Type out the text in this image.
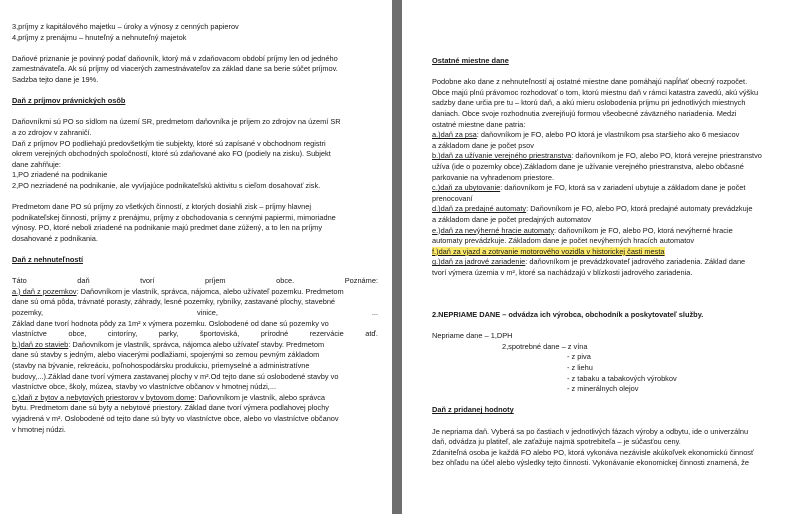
3,príjmy z kapitálového majetku – úroky a výnosy z cenných papierov

4,príjmy z prenájmu – hnuteľný a nehnuteľný majetok

Daňové priznanie je povinný podať daňovník, ktorý má v zdaňovacom období príjmy len od jedného

zamestnávateľa. Ak sú príjmy od viacerých zamestnávateľov za základ dane sa berie súčet príjmov.

Sadzba tejto dane je 19%.

Daň z príjmov právnických osôb

Daňovníkmi sú PO so sídlom na území SR, predmetom daňovníka je príjem zo zdrojov na území SR

a zo zdrojov v zahraničí.

Daň z príjmov PO podliehajú predovšetkým tie subjekty, ktoré sú zapísané v obchodnom registri

okrem verejných obchodných spoločností, ktoré sú zdaňované ako FO (podiely na zisku). Subjekt

dane zahŕňuje:

1,PO zriadené na podnikanie

2,PO nezriadené na podnikanie, ale vyvíjajúce podnikateľskú aktivitu s cieľom dosahovať zisk.

Predmetom dane PO sú príjmy zo všetkých činností, z ktorých dosiahli zisk – príjmy hlavnej

podnikateľskej činnosti, príjmy z prenájmu, príjmy z obchodovania s cennými papiermi, mimoriadne

výnosy. PO, ktoré neboli zriadené na podnikanie majú predmet dane zúžený, a to len na príjmy

dosahované z podnikania.

Daň z nehnuteľností

Táto daň tvorí príjem obce. Poznáme:

a.) daň z pozemkov: Daňovníkom je vlastník, správca, nájomca, alebo užívateľ pozemku. Predmetom

dane sú orná pôda, trávnaté porasty, záhrady, lesné pozemky, rybníky, zastavané plochy, stavebné

pozemky, vinice, ...

Základ dane tvorí hodnota pôdy za 1m² x výmera pozemku. Oslobodené od dane sú pozemky vo

vlastníctve obce, cintoríny, parky, športoviská, prírodné rezervácie atď.

b.)daň zo stavieb: Daňovníkom je vlastník, správca, nájomca alebo užívateľ stavby. Predmetom

dane sú stavby s jedným, alebo viacerými podlažiami, spojenými so zemou pevným základom

(stavby na bývanie, rekreáciu, poľnohospodársku produkciu, priemyselné a administratívne

budovy,...).Základ dane tvorí výmera zastavanej plochy v m².Od tejto dane sú oslobodené stavby vo

vlastníctve obce, školy, múzea, stavby vo vlastníctve občanov v hmotnej núdzi,...

c.)daň z bytov a nebytových priestorov v bytovom dome: Daňovníkom je vlastník, alebo správca

bytu. Predmetom dane sú byty a nebytové priestory. Základ dane tvorí výmera podlahovej plochy

vyjadrená v m². Oslobodené od tejto dane sú byty vo vlastníctve obce, alebo vo vlastníctve občanov

v hmotnej núdzi.

Ostatné miestne dane

Podobne ako dane z nehnuteľností aj ostatné miestne dane pomáhajú napĺňať obecný rozpočet.

Obce majú plnú právomoc rozhodovať o tom, ktorú miestnu daň v rámci katastra zavedú, akú výšku

sadzby dane určia pre tu – ktorú daň, a akú mieru oslobodenia príjmu pri jednotlivých miestnych

daniach. Obce svoje rozhodnutia zverejňujú formou všeobecné záväzného nariadenia. Medzi

ostatné miestne dane patria:

a.)daň za psa: daňovníkom je FO, alebo PO ktorá je vlastníkom psa staršieho ako 6 mesiacov

a základom dane je počet psov

b.)daň za užívanie verejného priestranstva: daňovníkom je FO, alebo PO, ktorá verejne priestranstvo

užíva (ide o pozemky obce).Základom dane je užívanie verejného priestranstva, alebo občasné

parkovanie na vyhradenom priestore.

c.)daň za ubytovanie: daňovníkom je FO, ktorá sa v zariadení ubytuje a základom dane je počet

prenocovaní

d.)daň za predajné automaty: Daňovníkom je FO, alebo PO, ktorá predajné automaty prevádzkuje

a základom dane je počet predajných automatov

e.)daň za nevýherné hracie automaty: daňovníkom je FO, alebo PO, ktorá nevýherné hracie

automaty prevádzkuje. Základom dane je počet nevýherných hracích automatov

f.)daň za vjazd a zotrvanie motorového vozidla v historickej časti mesta

g.)daň za jadrové zariadenie: daňovníkom je prevádzkovateľ jadrového zariadenia. Základ dane

tvorí výmera územia v m², ktoré sa nachádzajú v blízkosti jadrového zariadenia.

2.NEPRIAME DANE – odvádza ich výrobca, obchodník a poskytovateľ služby.

Nepriame dane – 1,DPH

2,spotrebné dane – z vína

- z piva

- z liehu

- z tabaku a tabakových výrobkov

- z minerálnych olejov

Daň z pridanej hodnoty

Je nepriama daň. Vyberá sa po častiach v jednotlivých fázach výroby a odbytu, ide o univerzálnu

daň, odvádza ju platiteľ, ale zaťažuje najmä spotrebiteľa – je súčasťou ceny.

Zdaniteľná osoba je každá FO alebo PO, ktorá vykonáva nezávisle akúkoľvek ekonomickú činnosť

bez ohľadu na účel alebo výsledky tejto činnosti. Vykonávanie ekonomickej činnosti znamená, že
